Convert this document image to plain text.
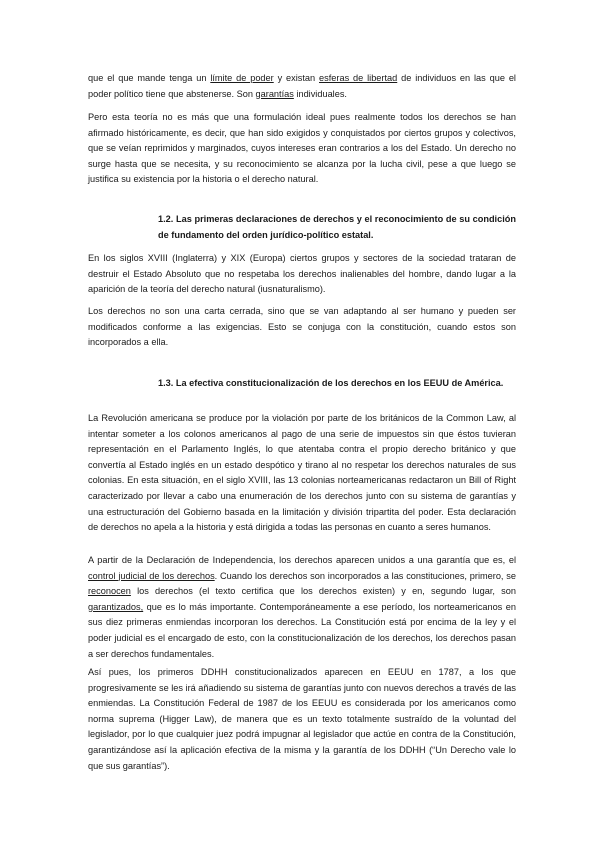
que el que mande tenga un límite de poder y existan esferas de libertad de individuos en las que el poder político tiene que abstenerse. Son garantías individuales.

Pero esta teoría no es más que una formulación ideal pues realmente todos los derechos se han afirmado históricamente, es decir, que han sido exigidos y conquistados por ciertos grupos y colectivos, que se veían reprimidos y marginados, cuyos intereses eran contrarios a los del Estado. Un derecho no surge hasta que se necesita, y su reconocimiento se alcanza por la lucha civil, pese a que luego se justifica su existencia por la historia o el derecho natural.

1.2. Las primeras declaraciones de derechos y el reconocimiento de su condición de fundamento del orden jurídico-político estatal.

En los siglos XVIII (Inglaterra) y XIX (Europa) ciertos grupos y sectores de la sociedad trataran de destruir el Estado Absoluto que no respetaba los derechos inalienables del hombre, dando lugar a la aparición de la teoría del derecho natural (iusnaturalismo).

Los derechos no son una carta cerrada, sino que se van adaptando al ser humano y pueden ser modificados conforme a las exigencias. Esto se conjuga con la constitución, cuando estos son incorporados a ella.

1.3. La efectiva constitucionalización de los derechos en los EEUU de América.

La Revolución americana se produce por la violación por parte de los británicos de la Common Law, al intentar someter a los colonos americanos al pago de una serie de impuestos sin que éstos tuvieran representación en el Parlamento Inglés, lo que atentaba contra el propio derecho británico y que convertía al Estado inglés en un estado despótico y tirano al no respetar los derechos naturales de sus colonias. En esta situación, en el siglo XVIII, las 13 colonias norteamericanas redactaron un Bill of Right caracterizado por llevar a cabo una enumeración de los derechos junto con su sistema de garantías y una estructuración del Gobierno basada en la limitación y división tripartita del poder. Esta declaración de derechos no apela a la historia y está dirigida a todas las personas en cuanto a seres humanos.

A partir de la Declaración de Independencia, los derechos aparecen unidos a una garantía que es, el control judicial de los derechos. Cuando los derechos son incorporados a las constituciones, primero, se reconocen los derechos (el texto certifica que los derechos existen) y en, segundo lugar, son garantizados, que es lo más importante. Contemporáneamente a ese período, los norteamericanos en sus diez primeras enmiendas incorporan los derechos. La Constitución está por encima de la ley y el poder judicial es el encargado de esto, con la constitucionalización de los derechos, los derechos pasan a ser derechos fundamentales.

Así pues, los primeros DDHH constitucionalizados aparecen en EEUU en 1787, a los que progresivamente se les irá añadiendo su sistema de garantías junto con nuevos derechos a través de las enmiendas. La Constitución Federal de 1987 de los EEUU es considerada por los americanos como norma suprema (Higger Law), de manera que es un texto totalmente sustraído de la voluntad del legislador, por lo que cualquier juez podrá impugnar al legislador que actúe en contra de la Constitución, garantizándose así la aplicación efectiva de la misma y la garantía de los DDHH (“Un Derecho vale lo que sus garantías”).
